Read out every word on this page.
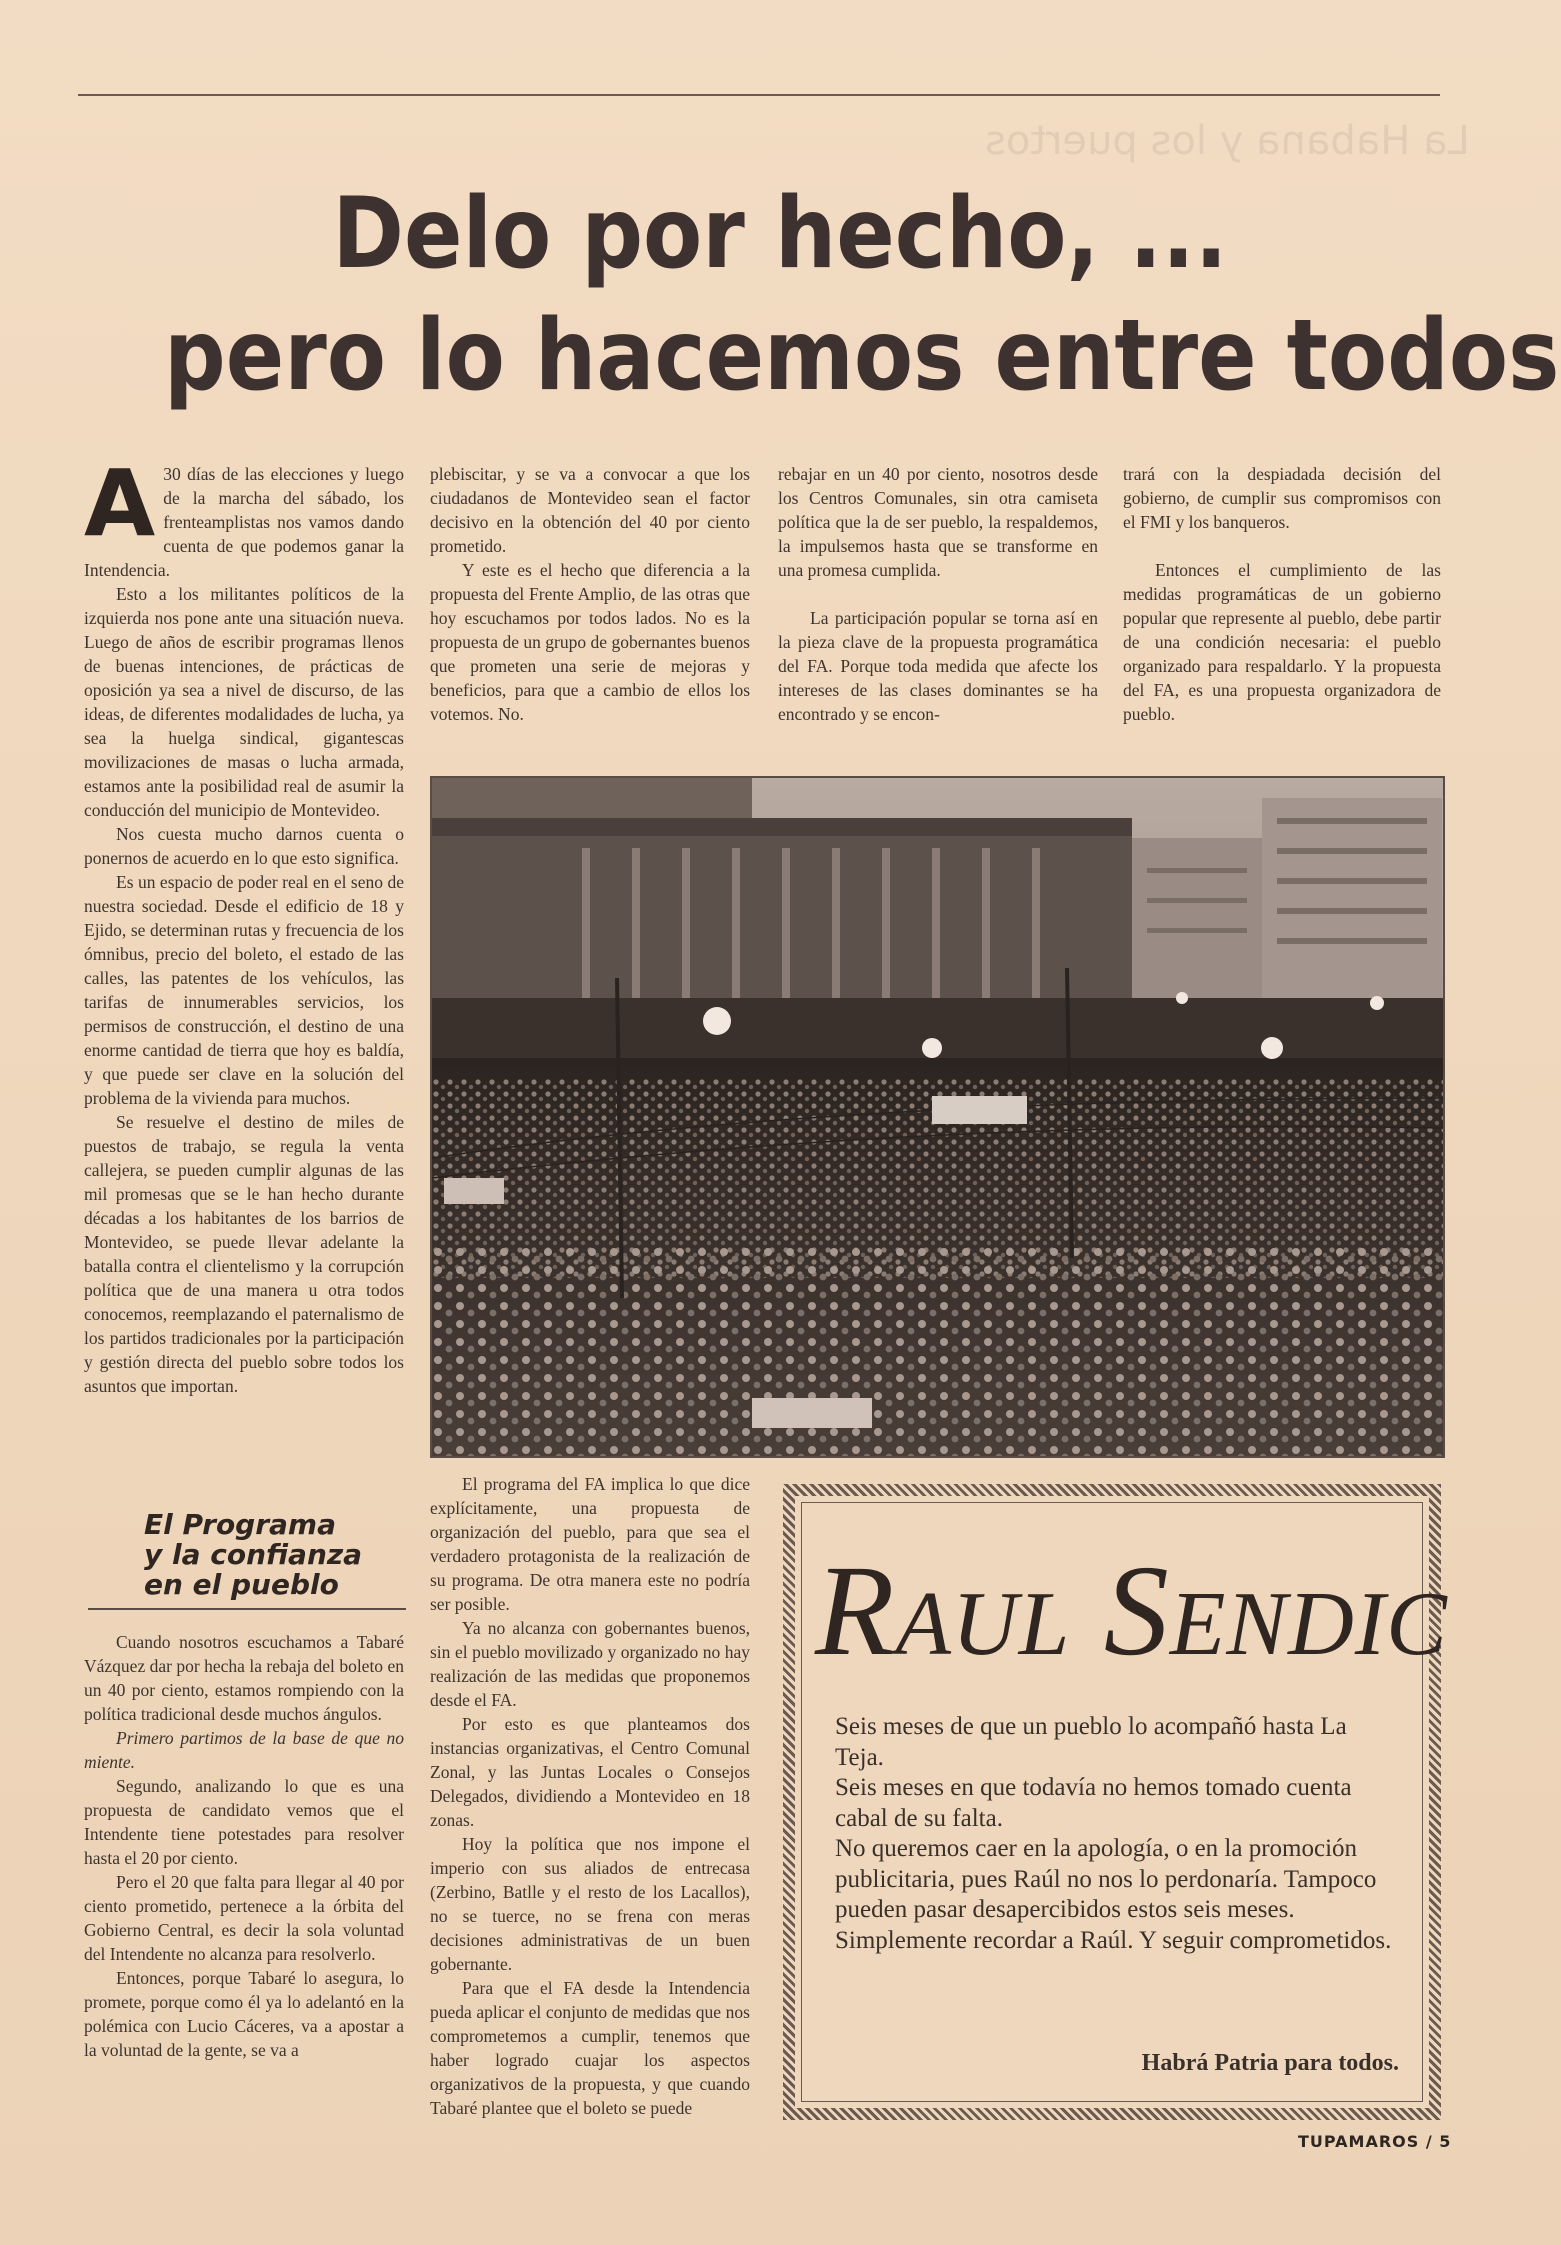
La Habana y los puertos
Delo por hecho, ...
pero lo hacemos entre todos
A 30 días de las elecciones y luego de la marcha del sábado, los frenteamplistas nos vamos dando cuenta de que podemos ganar la Intendencia.

Esto a los militantes políticos de la izquierda nos pone ante una situación nueva. Luego de años de escribir programas llenos de buenas intenciones, de prácticas de oposición ya sea a nivel de discurso, de las ideas, de diferentes modalidades de lucha, ya sea la huelga sindical, gigantescas movilizaciones de masas o lucha armada, estamos ante la posibilidad real de asumir la conducción del municipio de Montevideo.

Nos cuesta mucho darnos cuenta o ponernos de acuerdo en lo que esto significa.

Es un espacio de poder real en el seno de nuestra sociedad. Desde el edificio de 18 y Ejido, se determinan rutas y frecuencia de los ómnibus, precio del boleto, el estado de las calles, las patentes de los vehículos, las tarifas de innumerables servicios, los permisos de construcción, el destino de una enorme cantidad de tierra que hoy es baldía, y que puede ser clave en la solución del problema de la vivienda para muchos.

Se resuelve el destino de miles de puestos de trabajo, se regula la venta callejera, se pueden cumplir algunas de las mil promesas que se le han hecho durante décadas a los habitantes de los barrios de Montevideo, se puede llevar adelante la batalla contra el clientelismo y la corrupción política que de una manera u otra todos conocemos, reemplazando el paternalismo de los partidos tradicionales por la participación y gestión directa del pueblo sobre todos los asuntos que importan.

plebiscitar, y se va a convocar a que los ciudadanos de Montevideo sean el factor decisivo en la obtención del 40 por ciento prometido.

Y este es el hecho que diferencia a la propuesta del Frente Amplio, de las otras que hoy escuchamos por todos lados. No es la propuesta de un grupo de gobernantes buenos que prometen una serie de mejoras y beneficios, para que a cambio de ellos los votemos. No.

rebajar en un 40 por ciento, nosotros desde los Centros Comunales, sin otra camiseta política que la de ser pueblo, la respaldemos, la impulsemos hasta que se transforme en una promesa cumplida.

La participación popular se torna así en la pieza clave de la propuesta programática del FA. Porque toda medida que afecte los intereses de las clases dominantes se ha encontrado y se encon-

trará con la despiadada decisión del gobierno, de cumplir sus compromisos con el FMI y los banqueros.

Entonces el cumplimiento de las medidas programáticas de un gobierno popular que represente al pueblo, debe partir de una condición necesaria: el pueblo organizado para respaldarlo. Y la propuesta del FA, es una propuesta organizadora de pueblo.

El Programa
y la confianza
en el pueblo

Cuando nosotros escuchamos a Tabaré Vázquez dar por hecha la rebaja del boleto en un 40 por ciento, estamos rompiendo con la política tradicional desde muchos ángulos.

Primero partimos de la base de que no miente.

Segundo, analizando lo que es una propuesta de candidato vemos que el Intendente tiene potestades para resolver hasta el 20 por ciento.

Pero el 20 que falta para llegar al 40 por ciento prometido, pertenece a la órbita del Gobierno Central, es decir la sola voluntad del Intendente no alcanza para resolverlo.

Entonces, porque Tabaré lo asegura, lo promete, porque como él ya lo adelantó en la polémica con Lucio Cáceres, va a apostar a la voluntad de la gente, se va a

El programa del FA implica lo que dice explícitamente, una propuesta de organización del pueblo, para que sea el verdadero protagonista de la realización de su programa. De otra manera este no podría ser posible.

Ya no alcanza con gobernantes buenos, sin el pueblo movilizado y organizado no hay realización de las medidas que proponemos desde el FA.

Por esto es que planteamos dos instancias organizativas, el Centro Comunal Zonal, y las Juntas Locales o Consejos Delegados, dividiendo a Montevideo en 18 zonas.

Hoy la política que nos impone el imperio con sus aliados de entrecasa (Zerbino, Batlle y el resto de los Lacallos), no se tuerce, no se frena con meras decisiones administrativas de un buen gobernante.

Para que el FA desde la Intendencia pueda aplicar el conjunto de medidas que nos comprometemos a cumplir, tenemos que haber logrado cuajar los aspectos organizativos de la propuesta, y que cuando Tabaré plantee que el boleto se puede

Raul Sendic

Seis meses de que un pueblo lo acompañó hasta La Teja.

Seis meses en que todavía no hemos tomado cuenta cabal de su falta.

No queremos caer en la apología, o en la promoción publicitaria, pues Raúl no nos lo perdonaría. Tampoco pueden pasar desapercibidos estos seis meses.

Simplemente recordar a Raúl. Y seguir comprometidos.

Habrá Patria para todos.
TUPAMAROS / 5
